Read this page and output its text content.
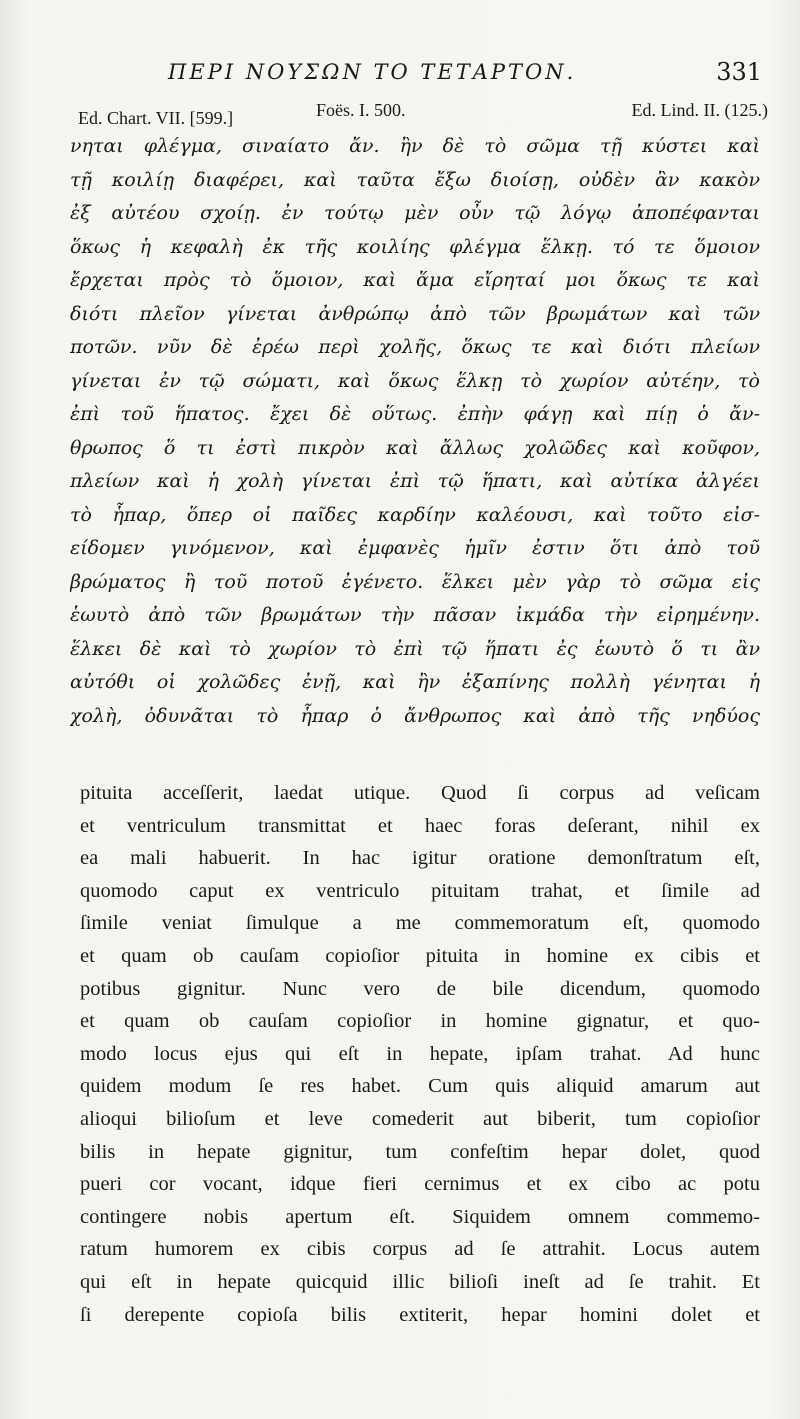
ΠΕΡΙ ΝΟΥΣΩΝ ΤΟ ΤΕΤΑΡΤΟΝ.	331
Ed. Chart. VII. [599.]	Foës. I. 500.	Ed. Lind. II. (125.)
νηται φλέγμα, σιναίατο ἄν. ἢν δὲ τὸ σῶμα τῇ κύστει καὶ
τῇ κοιλίῃ διαφέρει, καὶ ταῦτα ἔξω διοίσῃ, οὐδὲν ἂν κακὸν
ἐξ αὐτέου σχοίῃ. ἐν τούτῳ μὲν οὖν τῷ λόγῳ ἀποπέφανται
ὅκως ἡ κεφαλὴ ἐκ τῆς κοιλίης φλέγμα ἕλκῃ. τό τε ὅμοιον
ἔρχεται πρὸς τὸ ὅμοιον, καὶ ἅμα εἴρηταί μοι ὅκως τε καὶ
διότι πλεῖον γίνεται ἀνθρώπῳ ἀπὸ τῶν βρωμάτων καὶ τῶν
ποτῶν. νῦν δὲ ἐρέω περὶ χολῆς, ὅκως τε καὶ διότι πλείων
γίνεται ἐν τῷ σώματι, καὶ ὅκως ἕλκῃ τὸ χωρίον αὐτέην, τὸ
ἐπὶ τοῦ ἥπατος. ἔχει δὲ οὕτως. ἐπὴν φάγῃ καὶ πίῃ ὁ ἄν-
θρωπος ὅ τι ἐστὶ πικρὸν καὶ ἄλλως χολῶδες καὶ κοῦφον,
πλείων καὶ ἡ χολὴ γίνεται ἐπὶ τῷ ἥπατι, καὶ αὐτίκα ἀλγέει
τὸ ἧπαρ, ὅπερ οἱ παῖδες καρδίην καλέουσι, καὶ τοῦτο εἰσ-
είδομεν γινόμενον, καὶ ἐμφανὲς ἡμῖν ἐστιν ὅτι ἀπὸ τοῦ
βρώματος ἢ τοῦ ποτοῦ ἐγένετο. ἕλκει μὲν γὰρ τὸ σῶμα εἰς
ἑωυτὸ ἀπὸ τῶν βρωμάτων τὴν πᾶσαν ἰκμάδα τὴν εἰρημένην.
ἕλκει δὲ καὶ τὸ χωρίον τὸ ἐπὶ τῷ ἥπατι ἐς ἑωυτὸ ὅ τι ἂν
αὐτόθι οἱ χολῶδες ἐνῇ, καὶ ἢν ἐξαπίνης πολλὴ γένηται ἡ
χολὴ, ὀδυνᾶται τὸ ἧπαρ ὁ ἄνθρωπος καὶ ἀπὸ τῆς νηδύος
pituita acceſſerit, laedat utique. Quod ſi corpus ad veſicam
et ventriculum transmittat et haec foras deſerant, nihil ex
ea mali habuerit. In hac igitur oratione demonſtratum eſt,
quomodo caput ex ventriculo pituitam trahat, et ſimile ad
ſimile veniat ſimulque a me commemoratum eſt, quomodo
et quam ob cauſam copioſior pituita in homine ex cibis et
potibus gignitur. Nunc vero de bile dicendum, quomodo
et quam ob cauſam copioſior in homine gignatur, et quo-
modo locus ejus qui eſt in hepate, ipſam trahat. Ad hunc
quidem modum ſe res habet. Cum quis aliquid amarum aut
alioqui bilioſum et leve comederit aut biberit, tum copioſior
bilis in hepate gignitur, tum confeſtim hepar dolet, quod
pueri cor vocant, idque fieri cernimus et ex cibo ac potu
contingere nobis apertum eſt. Siquidem omnem commemo-
ratum humorem ex cibis corpus ad ſe attrahit. Locus autem
qui eſt in hepate quicquid illic bilioſi ineſt ad ſe trahit. Et
ſi derepente copioſa bilis extiterit, hepar homini dolet et
